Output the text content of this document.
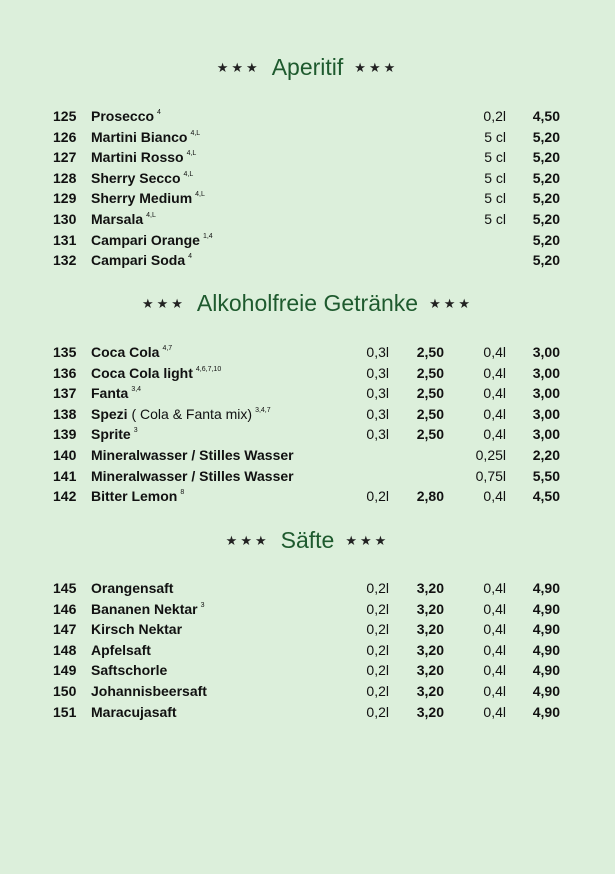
★★★ Aperitif ★★★
125 Prosecco $^4$	0,2l 4,50
126 Martini Bianco $^{4,L}$	5 cl 5,20
127 Martini Rosso $^{4,L}$	5 cl 5,20
128 Sherry Secco $^{4,L}$	5 cl 5,20
129 Sherry Medium $^{4,L}$	5 cl 5,20
130 Marsala $^{4,L}$	5 cl 5,20
131 Campari Orange $^{1,4}$	5,20
132 Campari Soda $^4$	5,20
★★★ Alkoholfreie Getränke ★★★
135 Coca Cola $^{4,7}$	0,3l 2,50	0,4l 3,00
136 Coca Cola light $^{4,6,7,10}$	0,3l 2,50	0,4l 3,00
137 Fanta $^{3,4}$	0,3l 2,50	0,4l 3,00
138 Spezi ( Cola & Fanta mix) $^{3,4,7}$	0,3l 2,50	0,4l 3,00
139 Sprite $^3$	0,3l 2,50	0,4l 3,00
140 Mineralwasser / Stilles Wasser	0,25l 2,20
141 Mineralwasser / Stilles Wasser	0,75l 5,50
142 Bitter Lemon $^8$	0,2l 2,80	0,4l 4,50
★★★ Säfte ★★★
145 Orangensaft	0,2l 3,20	0,4l 4,90
146 Bananen Nektar $^3$	0,2l 3,20	0,4l 4,90
147 Kirsch Nektar	0,2l 3,20	0,4l 4,90
148 Apfelsaft	0,2l 3,20	0,4l 4,90
149 Saftschorle	0,2l 3,20	0,4l 4,90
150 Johannisbeersaft	0,2l 3,20	0,4l 4,90
151 Maracujasaft	0,2l 3,20	0,4l 4,90
